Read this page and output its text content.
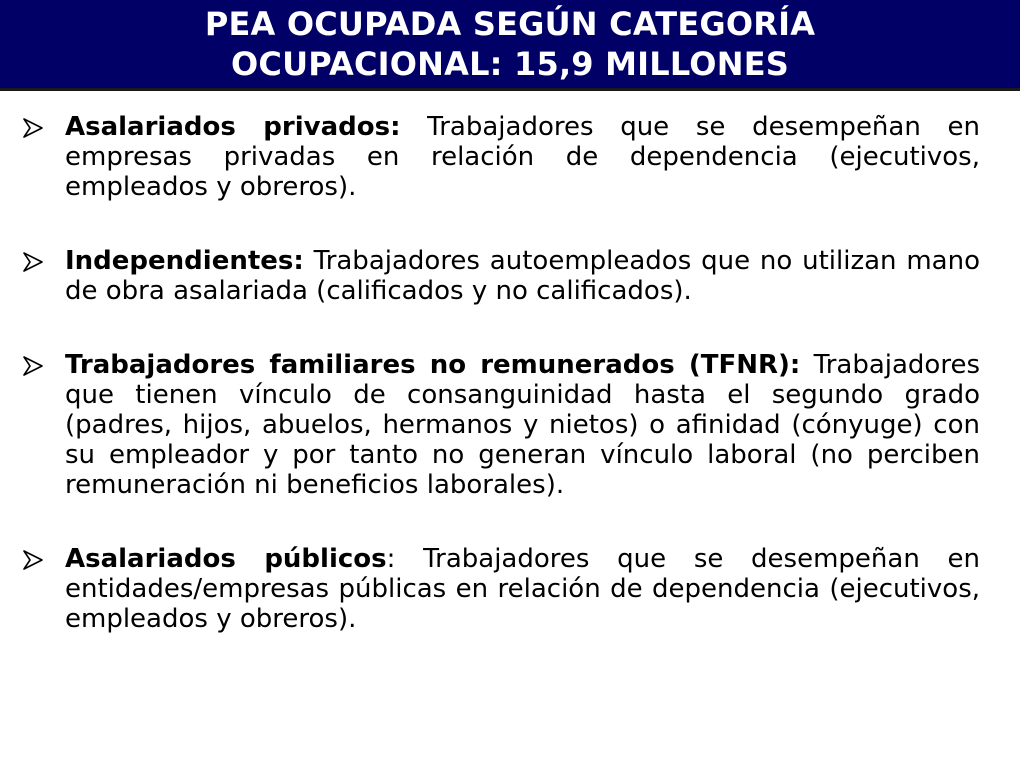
PEA OCUPADA SEGÚN CATEGORÍA
OCUPACIONAL: 15,9 MILLONES

Asalariados privados: Trabajadores que se desempeñan en empresas privadas en relación de dependencia (ejecutivos, empleados y obreros).

Independientes: Trabajadores autoempleados que no utilizan mano de obra asalariada (calificados y no calificados).

Trabajadores familiares no remunerados (TFNR): Trabajadores que tienen vínculo de consanguinidad hasta el segundo grado (padres, hijos, abuelos, hermanos y nietos) o afinidad (cónyuge) con su empleador y por tanto no generan vínculo laboral (no perciben remuneración ni beneficios laborales).

Asalariados públicos: Trabajadores que se desempeñan en entidades/empresas públicas en relación de dependencia (ejecutivos, empleados y obreros).
